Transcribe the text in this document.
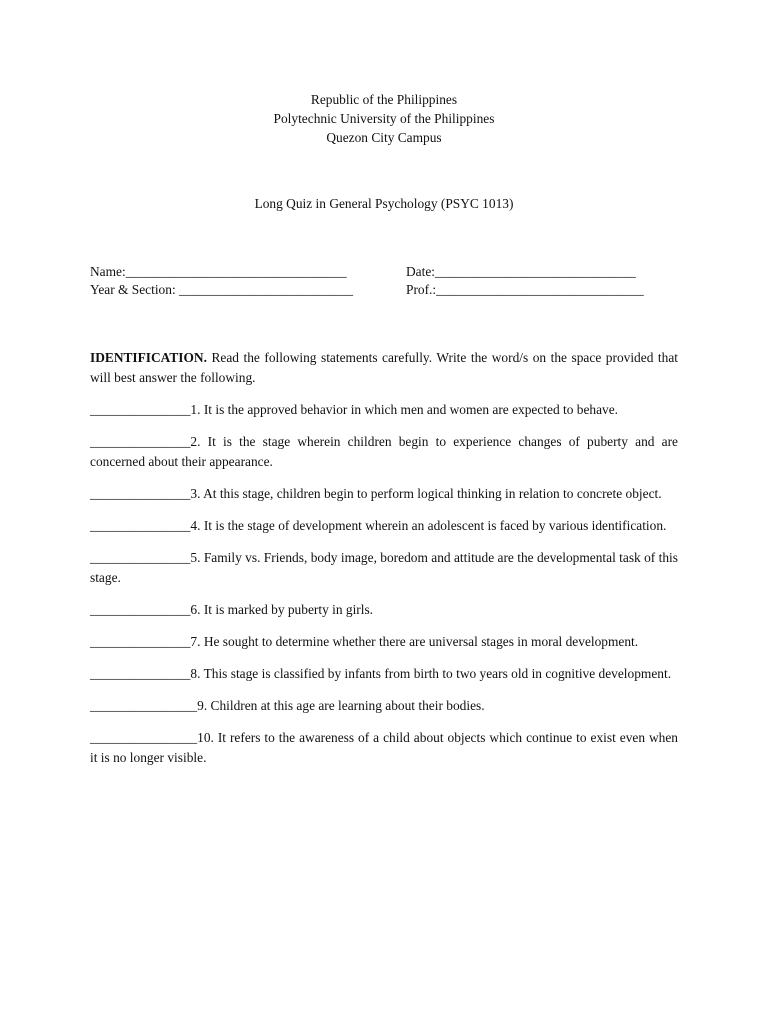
Republic of the Philippines
Polytechnic University of the Philippines
Quezon City Campus
Long Quiz in General Psychology (PSYC 1013)
Name:_________________________________	Date:______________________________
Year & Section: __________________________	Prof.:_______________________________

IDENTIFICATION. Read the following statements carefully. Write the word/s on the space provided that will best answer the following.

_______________1. It is the approved behavior in which men and women are expected to behave.

_______________2. It is the stage wherein children begin to experience changes of puberty and are concerned about their appearance.

_______________3. At this stage, children begin to perform logical thinking in relation to concrete object.

_______________4. It is the stage of development wherein an adolescent is faced by various identification.

_______________5. Family vs. Friends, body image, boredom and attitude are the developmental task of this stage.

_______________6. It is marked by puberty in girls.

_______________7. He sought to determine whether there are universal stages in moral development.

_______________8. This stage is classified by infants from birth to two years old in cognitive development.

________________9. Children at this age are learning about their bodies.

________________10. It refers to the awareness of a child about objects which continue to exist even when it is no longer visible.
